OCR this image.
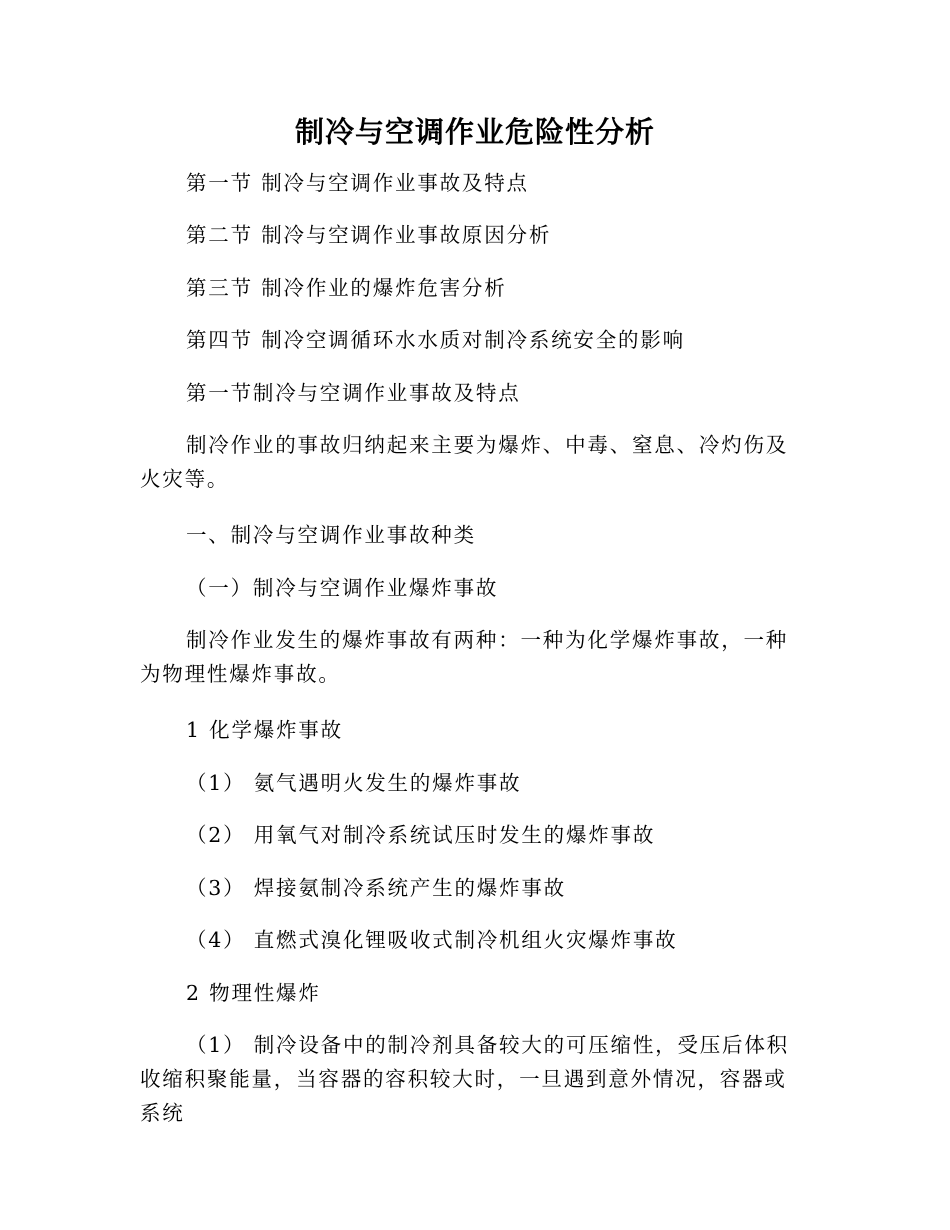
制冷与空调作业危险性分析

第一节 制冷与空调作业事故及特点

第二节 制冷与空调作业事故原因分析

第三节 制冷作业的爆炸危害分析

第四节 制冷空调循环水水质对制冷系统安全的影响

第一节制冷与空调作业事故及特点

制冷作业的事故归纳起来主要为爆炸、中毒、窒息、冷灼伤及火灾等。

一、制冷与空调作业事故种类

（一）制冷与空调作业爆炸事故

制冷作业发生的爆炸事故有两种：一种为化学爆炸事故，一种为物理性爆炸事故。

1 化学爆炸事故

（1） 氨气遇明火发生的爆炸事故

（2） 用氧气对制冷系统试压时发生的爆炸事故

（3） 焊接氨制冷系统产生的爆炸事故

（4） 直燃式溴化锂吸收式制冷机组火灾爆炸事故

2 物理性爆炸

（1） 制冷设备中的制冷剂具备较大的可压缩性，受压后体积收缩积聚能量，当容器的容积较大时，一旦遇到意外情况，容器或系统
